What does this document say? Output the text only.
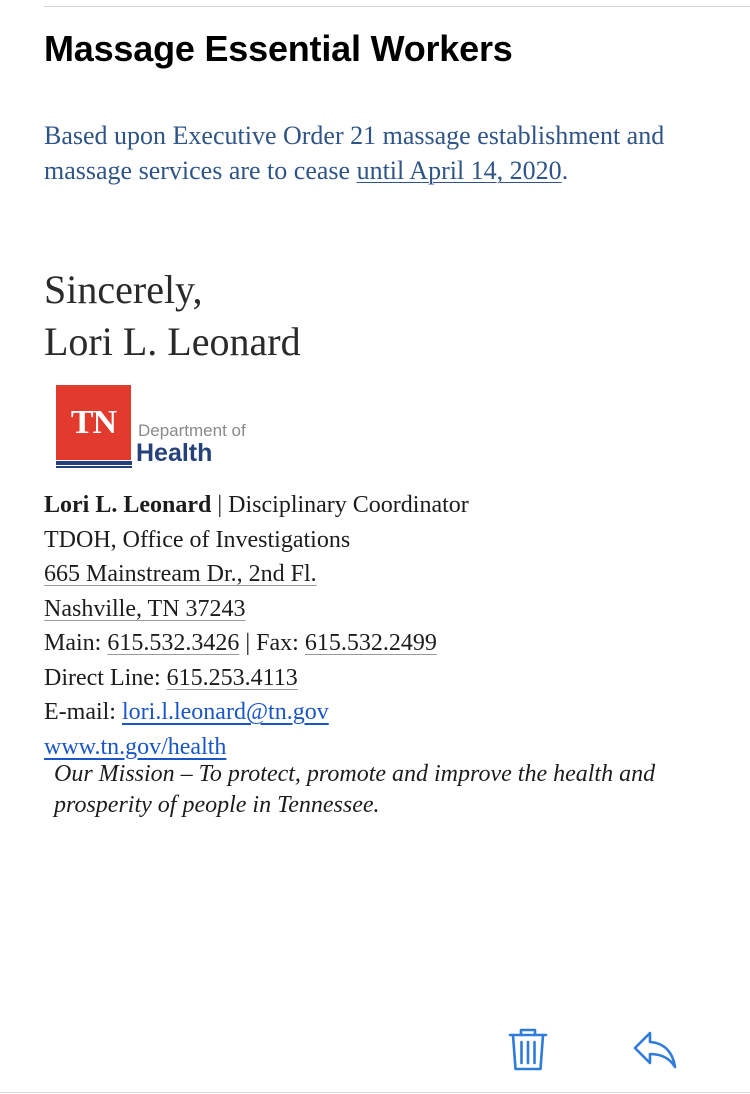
Massage Essential Workers

Based upon Executive Order 21 massage establishment and massage services are to cease until April 14, 2020.

Sincerely,
Lori L. Leonard
TN	Department of
Health
Lori L. Leonard | Disciplinary Coordinator
TDOH, Office of Investigations
665 Mainstream Dr., 2nd Fl.
Nashville, TN 37243
Main: 615.532.3426 | Fax: 615.532.2499
Direct Line: 615.253.4113
E-mail: lori.l.leonard@tn.gov
www.tn.gov/health
Our Mission – To protect, promote and improve the health and prosperity of people in Tennessee.
